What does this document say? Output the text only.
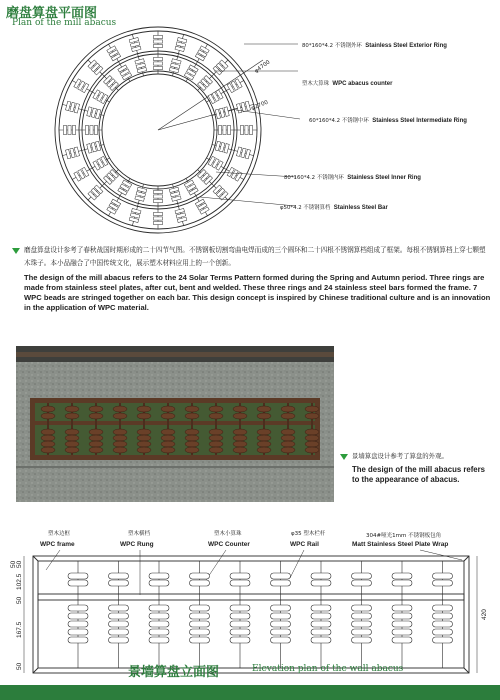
磨盘算盘平面图
Plan of the mill abacus
φ4700
φ2700
80*160*4.2 不锈钢外环 Stainless Steel Exterior Ring
塑木大算珠 WPC abacus counter
60*160*4.2 不锈钢中环 Stainless Steel Intermediate Ring
80*160*4.2 不锈钢内环 Stainless Steel Inner Ring
φ50*4.2 不锈钢算档 Stainless Steel Bar
磨盘算盘设计参考了春秋战国时期形成的二十四节气图。不锈钢板切割弯曲电焊而成的三个圆环和二十四根不锈钢算档组成了框架。每根不锈钢算档上穿七颗塑木珠子。本小品融合了中国传统文化，展示塑木材料应用上的一个创新。
The design of the mill abacus refers to the 24 Solar Terms Pattern formed during the Spring and Autumn period. Three rings are made from stainless steel plates, after cut, bent and welded. These three rings and 24 stainless steel bars formed the frame. 7 WPC beads are stringed together on each bar. This design concept is inspired by Chinese traditional culture and is an innovation in the application of WPC material.
景墙算盘设计参考了算盘的外观。
The design of the mill abacus refers to the appearance of abacus.
塑木边框
WPC frame
塑木横档
WPC Rung
塑木小算珠
WPC Counter
φ35 塑木栏杆
WPC Rail
304#哑光1mm 不锈钢板包角
Matt Stainless Steel Plate Wrap
50 50
102.5
50
167.5
50
420
景墙算盘立面图	Elevation plan of the wall abacus
